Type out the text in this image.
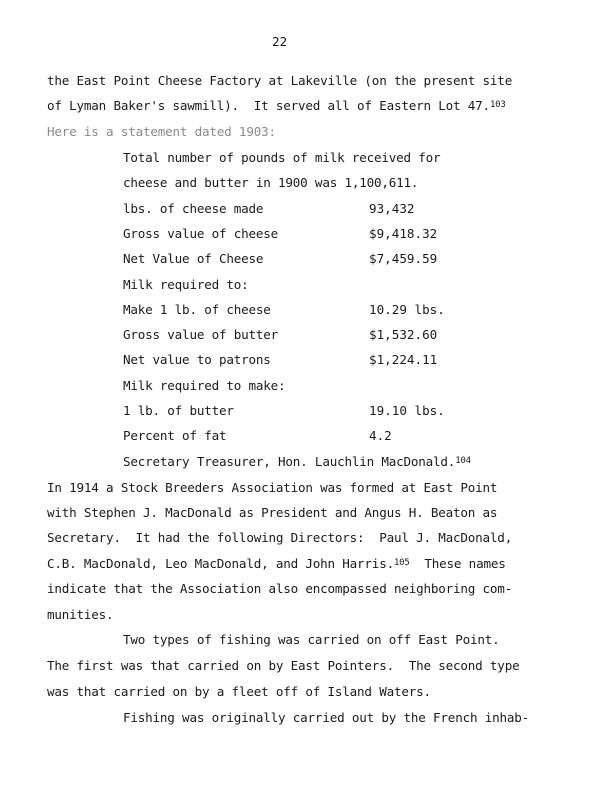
22
the East Point Cheese Factory at Lakeville (on the present site
of Lyman Baker's sawmill).  It served all of Eastern Lot 47.$^{103}$
Here is a statement dated 1903:
Total number of pounds of milk received for
cheese and butter in 1900 was 1,100,611.
lbs. of cheese made	93,432
Gross value of cheese	$9,418.32
Net Value of Cheese	$7,459.59
Milk required to:
Make 1 lb. of cheese	10.29 lbs.
Gross value of butter	$1,532.60
Net value to patrons	$1,224.11
Milk required to make:
1 lb. of butter	19.10 lbs.
Percent of fat	4.2
Secretary Treasurer, Hon. Lauchlin MacDonald.$^{104}$
In 1914 a Stock Breeders Association was formed at East Point
with Stephen J. MacDonald as President and Angus H. Beaton as
Secretary.  It had the following Directors:  Paul J. MacDonald,
C.B. MacDonald, Leo MacDonald, and John Harris.$^{105}$  These names
indicate that the Association also encompassed neighboring com-
munities.
Two types of fishing was carried on off East Point.
The first was that carried on by East Pointers.  The second type
was that carried on by a fleet off of Island Waters.
Fishing was originally carried out by the French inhab-
